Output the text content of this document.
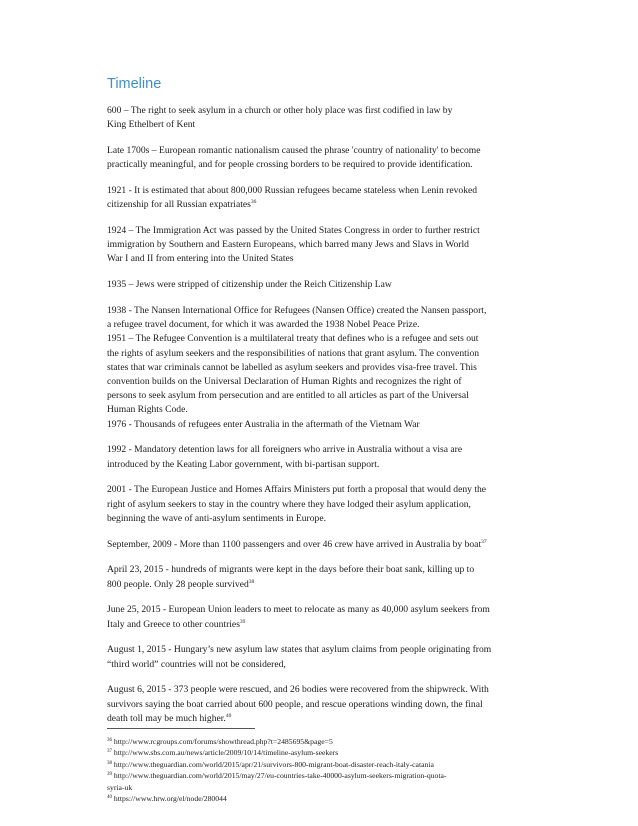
Timeline
600 – The right to seek asylum in a church or other holy place was first codified in law by
King Ethelbert of Kent
Late 1700s – European romantic nationalism caused the phrase 'country of nationality' to become
practically meaningful, and for people crossing borders to be required to provide identification.
1921 - It is estimated that about 800,000 Russian refugees became stateless when Lenin revoked
citizenship for all Russian expatriates$^{36}$
1924 – The Immigration Act was passed by the United States Congress in order to further restrict
immigration by Southern and Eastern Europeans, which barred many Jews and Slavs in World
War I and II from entering into the United States
1935 – Jews were stripped of citizenship under the Reich Citizenship Law
1938 - The Nansen International Office for Refugees (Nansen Office) created the Nansen passport,
a refugee travel document, for which it was awarded the 1938 Nobel Peace Prize.
1951 – The Refugee Convention is a multilateral treaty that defines who is a refugee and sets out
the rights of asylum seekers and the responsibilities of nations that grant asylum. The convention
states that war criminals cannot be labelled as asylum seekers and provides visa-free travel. This
convention builds on the Universal Declaration of Human Rights and recognizes the right of
persons to seek asylum from persecution and are entitled to all articles as part of the Universal
Human Rights Code.
1976 - Thousands of refugees enter Australia in the aftermath of the Vietnam War
1992 - Mandatory detention laws for all foreigners who arrive in Australia without a visa are
introduced by the Keating Labor government, with bi-partisan support.
2001 - The European Justice and Homes Affairs Ministers put forth a proposal that would deny the
right of asylum seekers to stay in the country where they have lodged their asylum application,
beginning the wave of anti-asylum sentiments in Europe.
September, 2009 - More than 1100 passengers and over 46 crew have arrived in Australia by boat$^{37}$
April 23, 2015 - hundreds of migrants were kept in the days before their boat sank, killing up to
800 people. Only 28 people survived$^{38}$
June 25, 2015 - European Union leaders to meet to relocate as many as 40,000 asylum seekers from
Italy and Greece to other countries$^{39}$
August 1, 2015 - Hungary’s new asylum law states that asylum claims from people originating from
“third world” countries will not be considered,
August 6, 2015 - 373 people were rescued, and 26 bodies were recovered from the shipwreck. With
survivors saying the boat carried about 600 people, and rescue operations winding down, the final
death toll may be much higher.$^{40}$
$^{36}$ http://www.rcgroups.com/forums/showthread.php?t=2485695&page=5
$^{37}$ http://www.sbs.com.au/news/article/2009/10/14/timeline-asylum-seekers
$^{38}$ http://www.theguardian.com/world/2015/apr/21/survivors-800-migrant-boat-disaster-reach-italy-catania
$^{39}$ http://www.theguardian.com/world/2015/may/27/eu-countries-take-40000-asylum-seekers-migration-quota-
syria-uk
$^{40}$ https://www.hrw.org/el/node/280044
